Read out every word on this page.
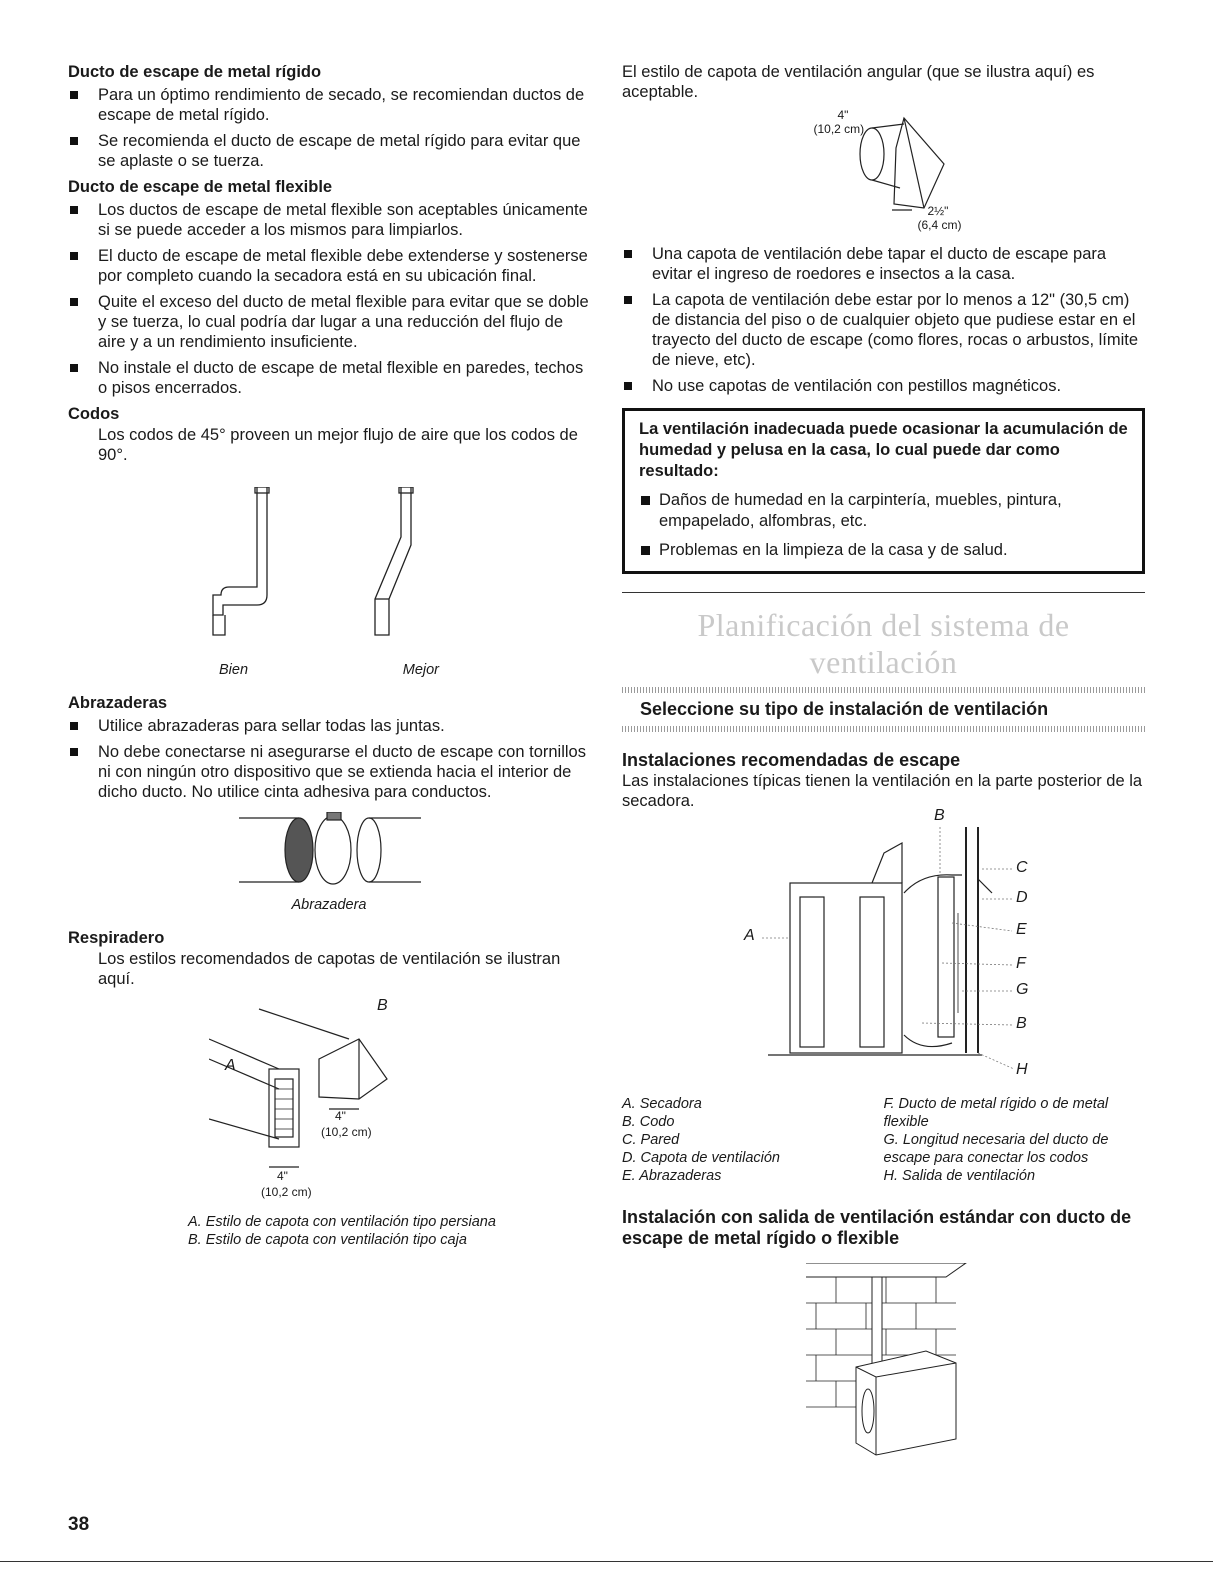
Ducto de escape de metal rígido

Para un óptimo rendimiento de secado, se recomiendan ductos de escape de metal rígido.
Se recomienda el ducto de escape de metal rígido para evitar que se aplaste o se tuerza.

Ducto de escape de metal flexible

Los ductos de escape de metal flexible son aceptables únicamente si se puede acceder a los mismos para limpiarlos.
El ducto de escape de metal flexible debe extenderse y sostenerse por completo cuando la secadora está en su ubicación final.
Quite el exceso del ducto de metal flexible para evitar que se doble y se tuerza, lo cual podría dar lugar a una reducción del flujo de aire y a un rendimiento insuficiente.
No instale el ducto de escape de metal flexible en paredes, techos o pisos encerrados.

Codos

Los codos de 45° proveen un mejor flujo de aire que los codos de 90°.

Bien	Mejor

Abrazaderas

Utilice abrazaderas para sellar todas las juntas.
No debe conectarse ni asegurarse el ducto de escape con tornillos ni con ningún otro dispositivo que se extienda hacia el interior de dicho ducto. No utilice cinta adhesiva para conductos.
Abrazadera

Respiradero

Los estilos recomendados de capotas de ventilación se ilustran aquí.

B
A
4"
(10,2 cm)
4"
(10,2 cm)
A. Estilo de capota con ventilación tipo persiana
B. Estilo de capota con ventilación tipo caja

El estilo de capota de ventilación angular (que se ilustra aquí) es aceptable.

4"
(10,2 cm)
2½"
(6,4 cm)
Una capota de ventilación debe tapar el ducto de escape para evitar el ingreso de roedores e insectos a la casa.
La capota de ventilación debe estar por lo menos a 12" (30,5 cm) de distancia del piso o de cualquier objeto que pudiese estar en el trayecto del ducto de escape (como flores, rocas o arbustos, límite de nieve, etc).
No use capotas de ventilación con pestillos magnéticos.
La ventilación inadecuada puede ocasionar la acumulación de humedad y pelusa en la casa, lo cual puede dar como resultado:
Daños de humedad en la carpintería, muebles, pintura, empapelado, alfombras, etc.
Problemas en la limpieza de la casa y de salud.
Planificación del sistema de ventilación
Seleccione su tipo de instalación de ventilación

Instalaciones recomendadas de escape

Las instalaciones típicas tienen la ventilación en la parte posterior de la secadora.

B
C
D
A	E
F
G
B
H
A. Secadora
B. Codo
C. Pared
D. Capota de ventilación
E. Abrazaderas
F. Ducto de metal rígido o de metal flexible
G. Longitud necesaria del ducto de escape para conectar los codos
H. Salida de ventilación

Instalación con salida de ventilación estándar con ducto de escape de metal rígido o flexible

38
